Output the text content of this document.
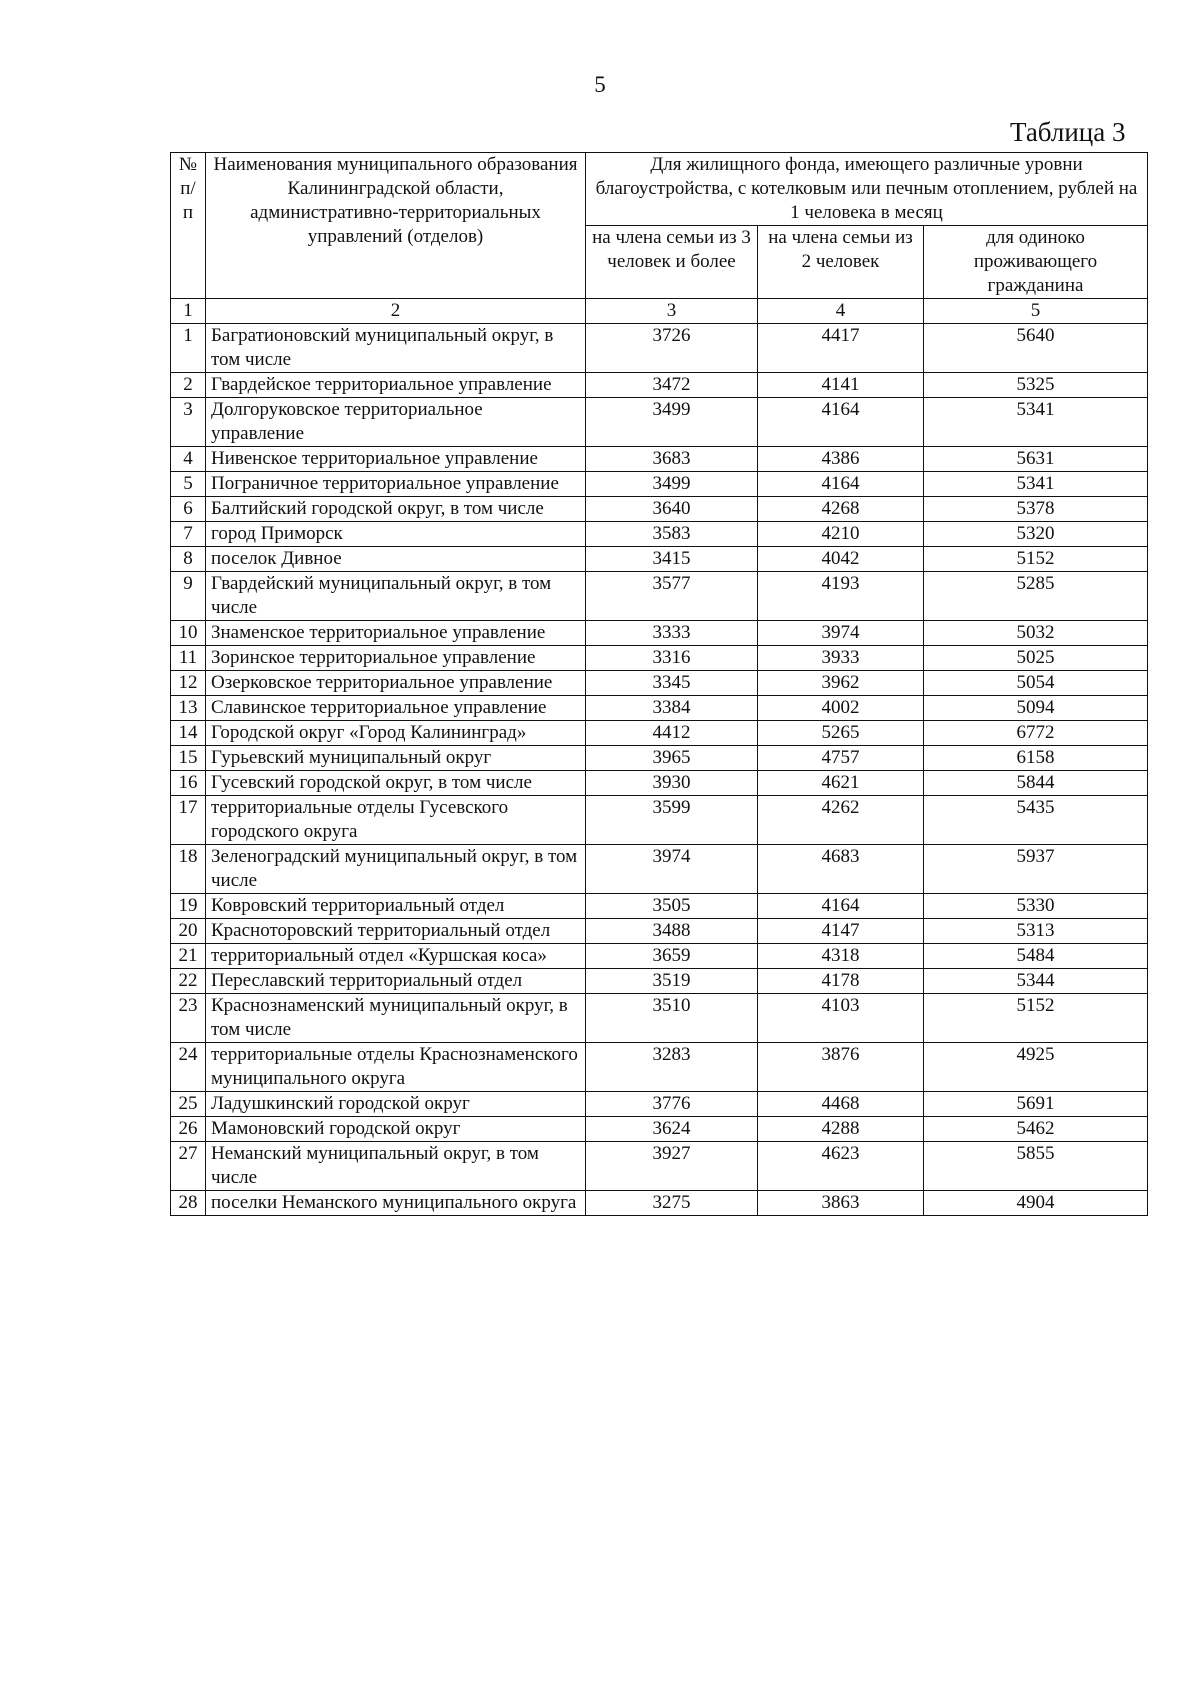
5
Таблица 3
№ п/п	Наименования муниципального образования Калининградской области, административно-территориальных управлений (отделов)	Для жилищного фонда, имеющего различные уровни благоустройства, с котелковым или печным отоплением, рублей на 1 человека в месяц		
		на члена семьи из 3 человек и более	на члена семьи из 2 человек	для одиноко проживающего гражданина
1	2	3	4	5
1	Багратионовский муниципальный округ, в том числе	3726	4417	5640
2	Гвардейское территориальное управление	3472	4141	5325
3	Долгоруковское территориальное управление	3499	4164	5341
4	Нивенское территориальное управление	3683	4386	5631
5	Пограничное территориальное управление	3499	4164	5341
6	Балтийский городской округ, в том числе	3640	4268	5378
7	город Приморск	3583	4210	5320
8	поселок Дивное	3415	4042	5152
9	Гвардейский муниципальный округ, в том числе	3577	4193	5285
10	Знаменское территориальное управление	3333	3974	5032
11	Зоринское территориальное управление	3316	3933	5025
12	Озерковское территориальное управление	3345	3962	5054
13	Славинское территориальное управление	3384	4002	5094
14	Городской округ «Город Калининград»	4412	5265	6772
15	Гурьевский муниципальный округ	3965	4757	6158
16	Гусевский городской округ, в том числе	3930	4621	5844
17	территориальные отделы Гусевского городского округа	3599	4262	5435
18	Зеленоградский муниципальный округ, в том числе	3974	4683	5937
19	Ковровский территориальный отдел	3505	4164	5330
20	Красноторовский территориальный отдел	3488	4147	5313
21	территориальный отдел «Куршская коса»	3659	4318	5484
22	Переславский территориальный отдел	3519	4178	5344
23	Краснознаменский муниципальный округ, в том числе	3510	4103	5152
24	территориальные отделы Краснознаменского муниципального округа	3283	3876	4925
25	Ладушкинский городской округ	3776	4468	5691
26	Мамоновский городской округ	3624	4288	5462
27	Неманский муниципальный округ, в том числе	3927	4623	5855
28	поселки Неманского муниципального округа	3275	3863	4904
